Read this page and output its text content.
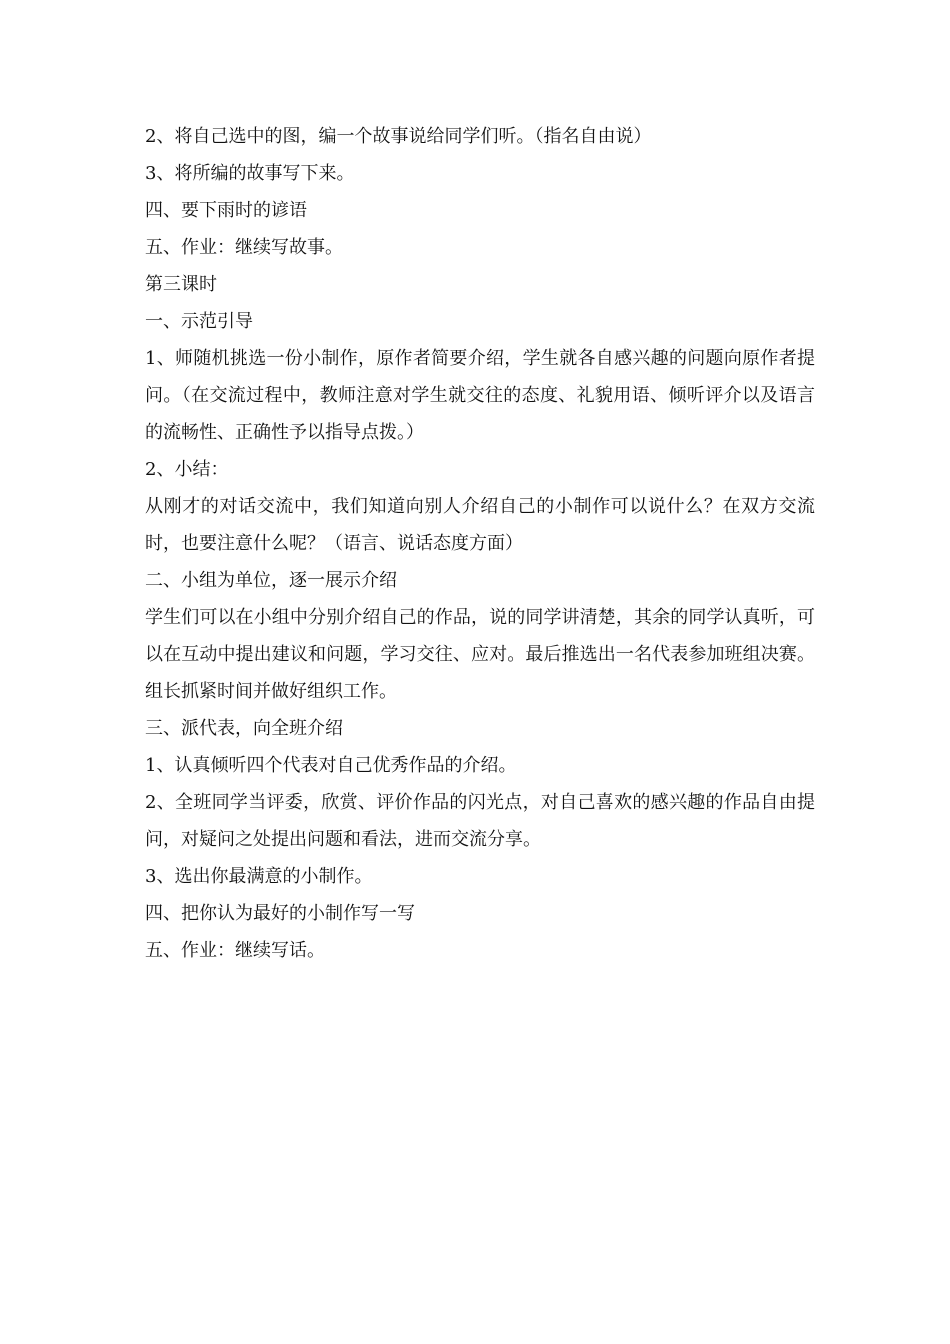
2、将自己选中的图，编一个故事说给同学们听。（指名自由说）

3、将所编的故事写下来。

四、要下雨时的谚语

五、作业：继续写故事。

第三课时

一、示范引导

1、师随机挑选一份小制作，原作者简要介绍，学生就各自感兴趣的问题向原作者提问。（在交流过程中，教师注意对学生就交往的态度、礼貌用语、倾听评介以及语言的流畅性、正确性予以指导点拨。）

2、小结：

从刚才的对话交流中，我们知道向别人介绍自己的小制作可以说什么？在双方交流时，也要注意什么呢？（语言、说话态度方面）

二、小组为单位，逐一展示介绍

学生们可以在小组中分别介绍自己的作品，说的同学讲清楚，其余的同学认真听，可以在互动中提出建议和问题，学习交往、应对。最后推选出一名代表参加班组决赛。组长抓紧时间并做好组织工作。

三、派代表，向全班介绍

1、认真倾听四个代表对自己优秀作品的介绍。

2、全班同学当评委，欣赏、评价作品的闪光点，对自己喜欢的感兴趣的作品自由提问，对疑问之处提出问题和看法，进而交流分享。

3、选出你最满意的小制作。

四、把你认为最好的小制作写一写

五、作业：继续写话。
